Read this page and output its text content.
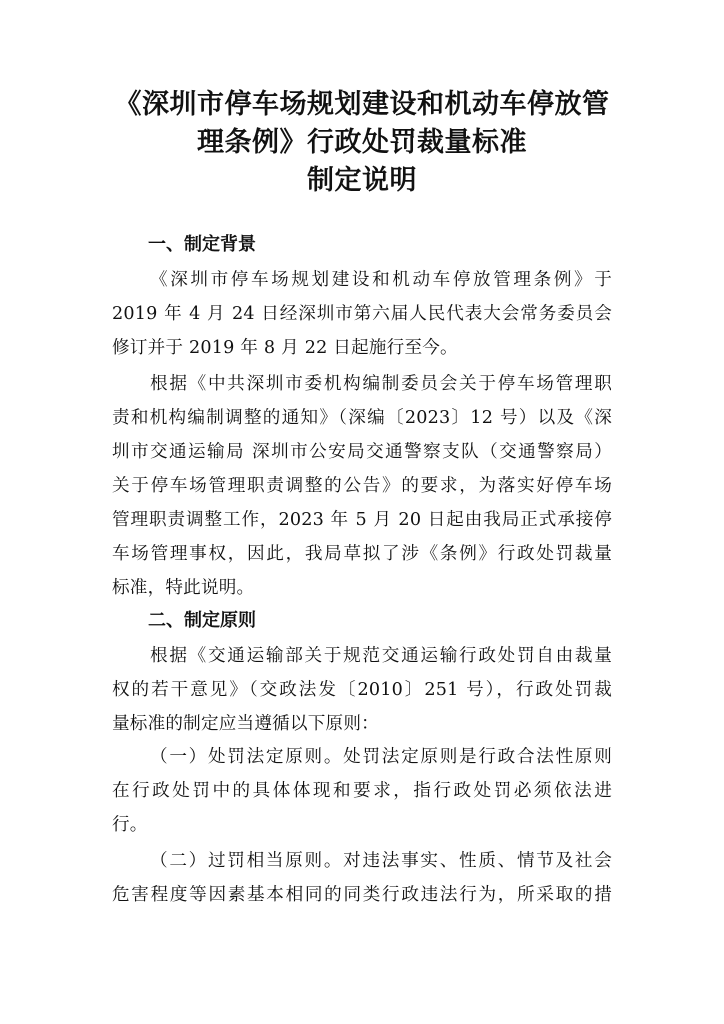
《深圳市停车场规划建设和机动车停放管
理条例》行政处罚裁量标准
制定说明
一、制定背景
《深圳市停车场规划建设和机动车停放管理条例》于
2019 年 4 月 24 日经深圳市第六届人民代表大会常务委员会
修订并于 2019 年 8 月 22 日起施行至今。
根据《中共深圳市委机构编制委员会关于停车场管理职
责和机构编制调整的通知》（深编〔2023〕12 号）以及《深
圳市交通运输局 深圳市公安局交通警察支队（交通警察局）
关于停车场管理职责调整的公告》的要求，为落实好停车场
管理职责调整工作，2023 年 5 月 20 日起由我局正式承接停
车场管理事权，因此，我局草拟了涉《条例》行政处罚裁量
标准，特此说明。
二、制定原则
根据《交通运输部关于规范交通运输行政处罚自由裁量
权的若干意见》（交政法发〔2010〕251 号），行政处罚裁
量标准的制定应当遵循以下原则：
（一）处罚法定原则。处罚法定原则是行政合法性原则
在行政处罚中的具体体现和要求，指行政处罚必须依法进
行。
（二）过罚相当原则。对违法事实、性质、情节及社会
危害程度等因素基本相同的同类行政违法行为，所采取的措
